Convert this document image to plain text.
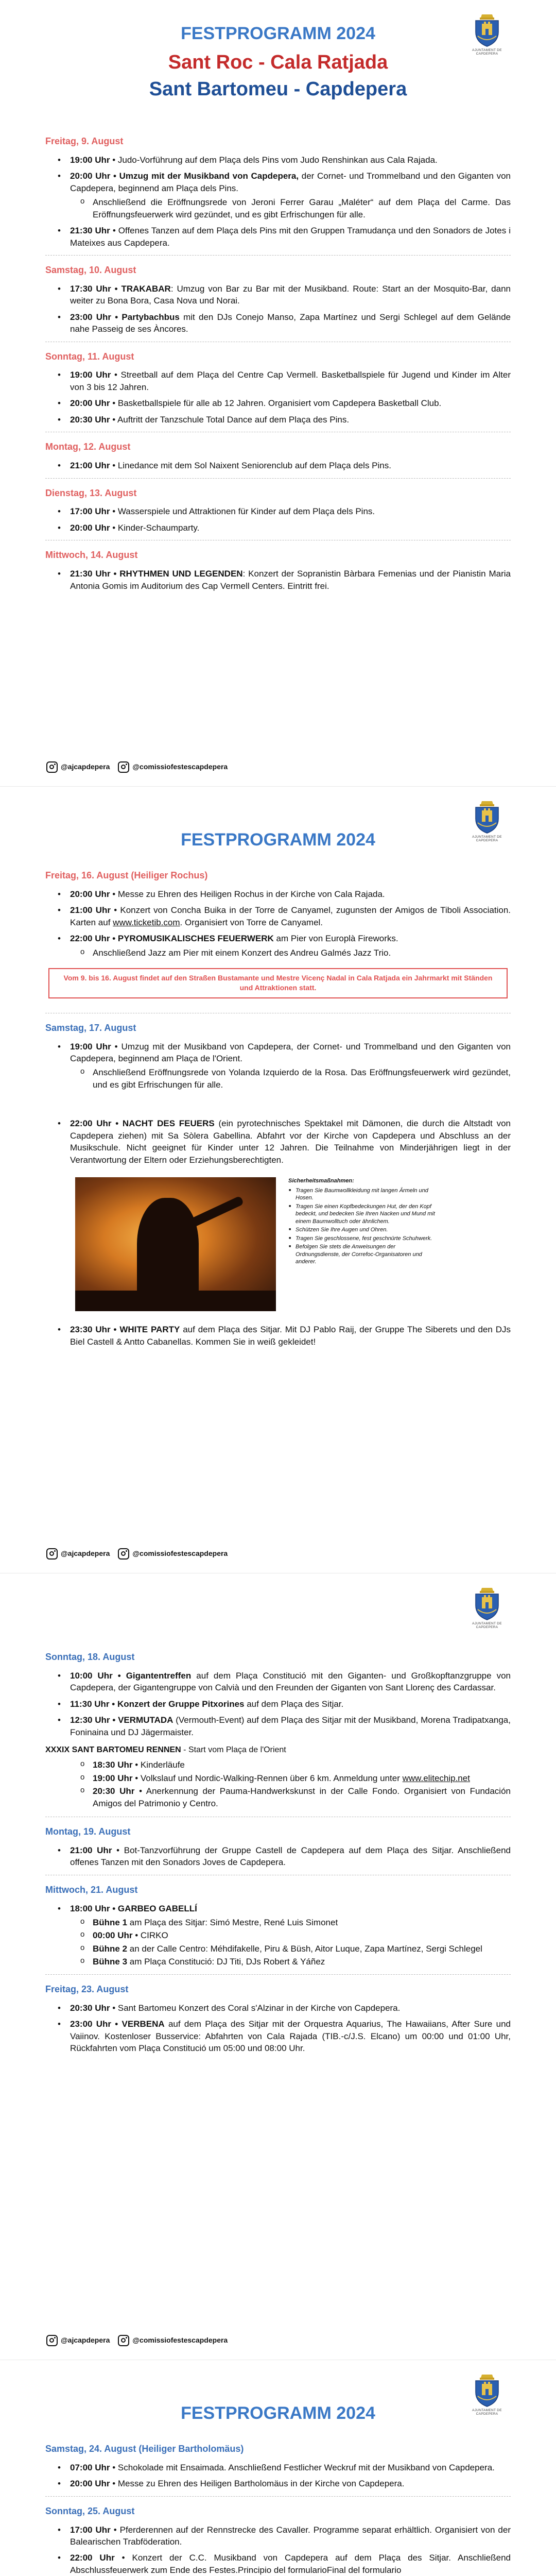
AJUNTAMENT DE CAPDEPERA
FESTPROGRAMM 2024
Sant Roc - Cala Ratjada
Sant Bartomeu - Capdepera
Freitag, 9. August
• 19:00 Uhr • Judo-Vorführung auf dem Plaça dels Pins vom Judo Renshinkan aus Cala Rajada.
• 20:00 Uhr • Umzug mit der Musikband von Capdepera, der Cornet- und Trommelband und den Giganten von Capdepera, beginnend am Plaça dels Pins.
o Anschließend die Eröffnungsrede von Jeroni Ferrer Garau „Maléter“ auf dem Plaça del Carme. Das Eröffnungsfeuerwerk wird gezündet, und es gibt Erfrischungen für alle.
• 21:30 Uhr • Offenes Tanzen auf dem Plaça dels Pins mit den Gruppen Tramudança und den Sonadors de Jotes i Mateixes aus Capdepera.
Samstag, 10. August
• 17:30 Uhr • TRAKABAR: Umzug von Bar zu Bar mit der Musikband. Route: Start an der Mosquito-Bar, dann weiter zu Bona Bora, Casa Nova und Norai.
• 23:00 Uhr • Partybachbus mit den DJs Conejo Manso, Zapa Martínez und Sergi Schlegel auf dem Gelände nahe Passeig de ses Àncores.
Sonntag, 11. August
• 19:00 Uhr • Streetball auf dem Plaça del Centre Cap Vermell. Basketballspiele für Jugend und Kinder im Alter von 3 bis 12 Jahren.
• 20:00 Uhr • Basketballspiele für alle ab 12 Jahren. Organisiert vom Capdepera Basketball Club.
• 20:30 Uhr • Auftritt der Tanzschule Total Dance auf dem Plaça des Pins.
Montag, 12. August
• 21:00 Uhr • Linedance mit dem Sol Naixent Seniorenclub auf dem Plaça dels Pins.
Dienstag, 13. August
• 17:00 Uhr • Wasserspiele und Attraktionen für Kinder auf dem Plaça dels Pins.
• 20:00 Uhr • Kinder-Schaumparty.
Mittwoch, 14. August
• 21:30 Uhr • RHYTHMEN UND LEGENDEN: Konzert der Sopranistin Bàrbara Femenias und der Pianistin Maria Antonia Gomis im Auditorium des Cap Vermell Centers. Eintritt frei.
@ajcapdepera	@comissiofestescapdepera
AJUNTAMENT DE CAPDEPERA
FESTPROGRAMM 2024
Freitag, 16. August (Heiliger Rochus)
• 20:00 Uhr • Messe zu Ehren des Heiligen Rochus in der Kirche von Cala Rajada.
• 21:00 Uhr • Konzert von Concha Buika in der Torre de Canyamel, zugunsten der Amigos de Tiboli Association. Karten auf www.ticketib.com. Organisiert von Torre de Canyamel.
• 22:00 Uhr • PYROMUSIKALISCHES FEUERWERK am Pier von Europlà Fireworks.
o Anschließend Jazz am Pier mit einem Konzert des Andreu Galmés Jazz Trio.
Vom 9. bis 16. August findet auf den Straßen Bustamante und Mestre Vicenç Nadal in Cala Ratjada ein Jahrmarkt mit Ständen und Attraktionen statt.
Samstag, 17. August
• 19:00 Uhr • Umzug mit der Musikband von Capdepera, der Cornet- und Trommelband und den Giganten von Capdepera, beginnend am Plaça de l'Orient.
o Anschließend Eröffnungsrede von Yolanda Izquierdo de la Rosa. Das Eröffnungsfeuerwerk wird gezündet, und es gibt Erfrischungen für alle.
• 22:00 Uhr • NACHT DES FEUERS (ein pyrotechnisches Spektakel mit Dämonen, die durch die Altstadt von Capdepera ziehen) mit Sa Sòlera Gabellina. Abfahrt vor der Kirche von Capdepera und Abschluss an der Musikschule. Nicht geeignet für Kinder unter 12 Jahren. Die Teilnahme von Minderjährigen liegt in der Verantwortung der Eltern oder Erziehungsberechtigten.
Sicherheitsmaßnahmen:
■ Tragen Sie Baumwollkleidung mit langen Ärmeln und Hosen.
■ Tragen Sie einen Kopfbedeckungen Hut, der den Kopf bedeckt, und bedecken Sie Ihren Nacken und Mund mit einem Baumwolltuch oder ähnlichem.
■ Schützen Sie Ihre Augen und Ohren.
■ Tragen Sie geschlossene, fest geschnürte Schuhwerk.
■ Befolgen Sie stets die Anweisungen der Ordnungsdienste, der Correfoc-Organisatoren und anderer.
• 23:30 Uhr • WHITE PARTY auf dem Plaça des Sitjar. Mit DJ Pablo Raij, der Gruppe The Siberets und den DJs Biel Castell & Antto Cabanellas. Kommen Sie in weiß gekleidet!
@ajcapdepera	@comissiofestescapdepera
AJUNTAMENT DE CAPDEPERA
Sonntag, 18. August
• 10:00 Uhr • Gigantentreffen auf dem Plaça Constitució mit den Giganten- und Großkopftanzgruppe von Capdepera, der Gigantengruppe von Calvià und den Freunden der Giganten von Sant Llorenç des Cardassar.
• 11:30 Uhr • Konzert der Gruppe Pitxorines auf dem Plaça des Sitjar.
• 12:30 Uhr • VERMUTADA (Vermouth-Event) auf dem Plaça des Sitjar mit der Musikband, Morena Tradipatxanga, Foninaina und DJ Jägermaister.
XXXIX SANT BARTOMEU RENNEN - Start vom Plaça de l'Orient
o 18:30 Uhr • Kinderläufe
o 19:00 Uhr • Volkslauf und Nordic-Walking-Rennen über 6 km. Anmeldung unter www.elitechip.net
o 20:30 Uhr • Anerkennung der Pauma-Handwerkskunst in der Calle Fondo. Organisiert von Fundación Amigos del Patrimonio y Centro.
Montag, 19. August
• 21:00 Uhr • Bot-Tanzvorführung der Gruppe Castell de Capdepera auf dem Plaça des Sitjar. Anschließend offenes Tanzen mit den Sonadors Joves de Capdepera.
Mittwoch, 21. August
• 18:00 Uhr • GARBEO GABELLÍ
o Bühne 1 am Plaça des Sitjar: Simó Mestre, René Luis Simonet
o 00:00 Uhr • CIRKO
o Bühne 2 an der Calle Centro: Méhdifakelle, Piru & Büsh, Aitor Luque, Zapa Martínez, Sergi Schlegel
o Bühne 3 am Plaça Constitució: DJ Titi, DJs Robert & Yáñez
Freitag, 23. August
• 20:30 Uhr • Sant Bartomeu Konzert des Coral s'Alzinar in der Kirche von Capdepera.
• 23:00 Uhr • VERBENA auf dem Plaça des Sitjar mit der Orquestra Aquarius, The Hawaiians, After Sure und Vaiinov. Kostenloser Busservice: Abfahrten von Cala Rajada (TIB.-c/J.S. Elcano) um 00:00 und 01:00 Uhr, Rückfahrten vom Plaça Constitució um 05:00 und 08:00 Uhr.
@ajcapdepera	@comissiofestescapdepera
AJUNTAMENT DE CAPDEPERA
FESTPROGRAMM 2024
Samstag, 24. August (Heiliger Bartholomäus)
• 07:00 Uhr • Schokolade mit Ensaimada. Anschließend Festlicher Weckruf mit der Musikband von Capdepera.
• 20:00 Uhr • Messe zu Ehren des Heiligen Bartholomäus in der Kirche von Capdepera.
Sonntag, 25. August
• 17:00 Uhr • Pferderennen auf der Rennstrecke des Cavaller. Programme separat erhältlich. Organisiert von der Balearischen Trabföderation.
• 22:00 Uhr • Konzert der C.C. Musikband von Capdepera auf dem Plaça des Sitjar. Anschließend Abschlussfeuerwerk zum Ende des Festes.Principio del formularioFinal del formulario
